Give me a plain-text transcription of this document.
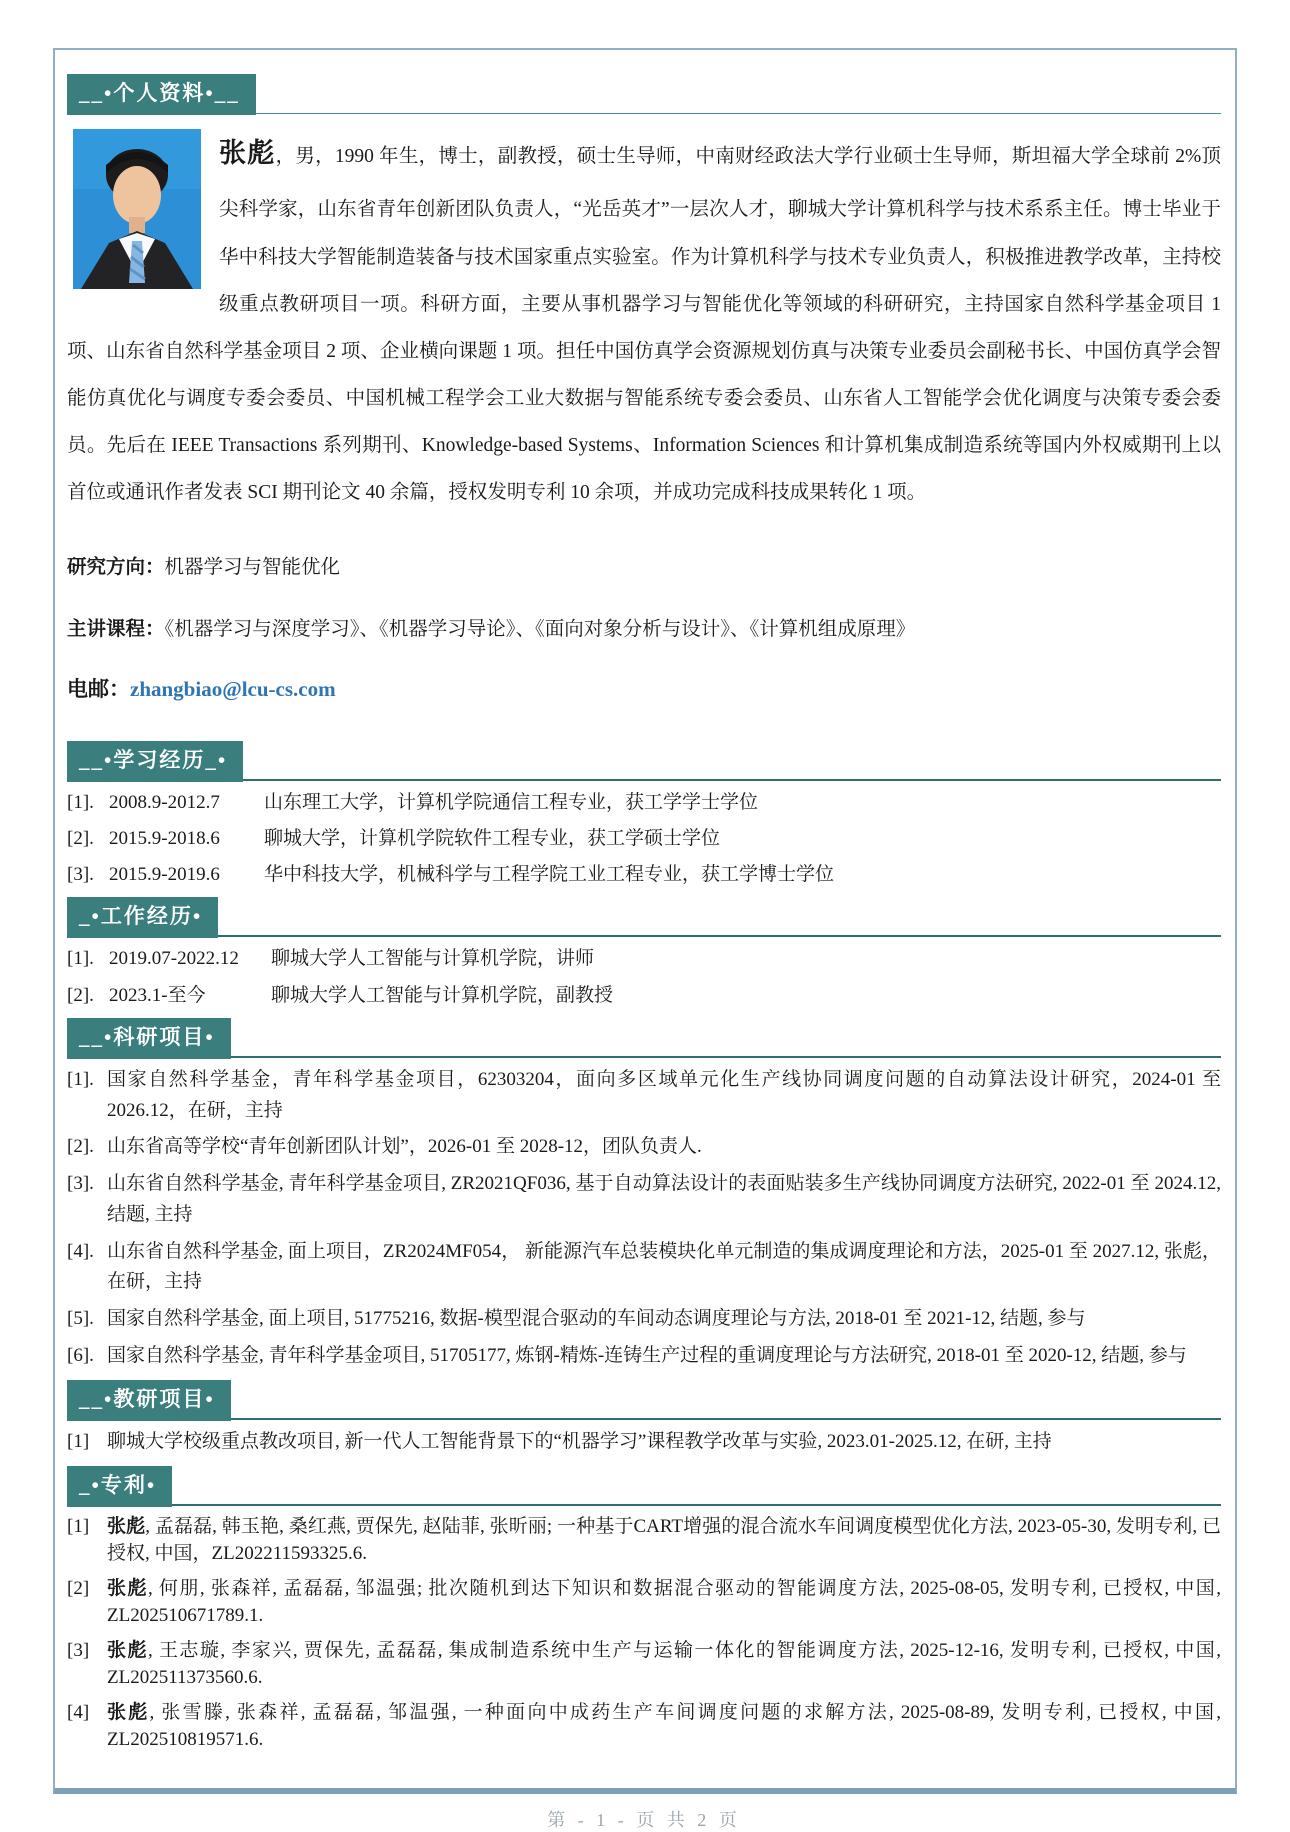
__•个人资料•__
张彪，男，1990 年生，博士，副教授，硕士生导师，中南财经政法大学行业硕士生导师，斯坦福大学全球前 2%顶尖科学家，山东省青年创新团队负责人，“光岳英才”一层次人才，聊城大学计算机科学与技术系系主任。博士毕业于华中科技大学智能制造装备与技术国家重点实验室。作为计算机科学与技术专业负责人，积极推进教学改革，主持校级重点教研项目一项。科研方面，主要从事机器学习与智能优化等领域的科研研究，主持国家自然科学基金项目 1 项、山东省自然科学基金项目 2 项、企业横向课题 1 项。担任中国仿真学会资源规划仿真与决策专业委员会副秘书长、中国仿真学会智能仿真优化与调度专委会委员、中国机械工程学会工业大数据与智能系统专委会委员、山东省人工智能学会优化调度与决策专委会委员。先后在 IEEE Transactions 系列期刊、Knowledge-based Systems、Information Sciences 和计算机集成制造系统等国内外权威期刊上以首位或通讯作者发表 SCI 期刊论文 40 余篇，授权发明专利 10 余项，并成功完成科技成果转化 1 项。
研究方向：机器学习与智能优化
主讲课程：《机器学习与深度学习》、《机器学习导论》、《面向对象分析与设计》、《计算机组成原理》
电邮：zhangbiao@lcu-cs.com
__•学习经历_•
[1]. 2008.9-2012.7	山东理工大学，计算机学院通信工程专业，获工学学士学位
[2]. 2015.9-2018.6	聊城大学，计算机学院软件工程专业，获工学硕士学位
[3]. 2015.9-2019.6	华中科技大学，机械科学与工程学院工业工程专业，获工学博士学位
_•工作经历•
[1]. 2019.07-2022.12	聊城大学人工智能与计算机学院，讲师
[2]. 2023.1-至今	聊城大学人工智能与计算机学院，副教授
__•科研项目•
[1]. 国家自然科学基金，青年科学基金项目，62303204，面向多区域单元化生产线协同调度问题的自动算法设计研究，2024-01 至 2026.12，在研，主持
[2]. 山东省高等学校“青年创新团队计划”，2026-01 至 2028-12，团队负责人.
[3]. 山东省自然科学基金, 青年科学基金项目, ZR2021QF036, 基于自动算法设计的表面贴装多生产线协同调度方法研究, 2022-01 至 2024.12, 结题, 主持
[4]. 山东省自然科学基金, 面上项目，ZR2024MF054， 新能源汽车总装模块化单元制造的集成调度理论和方法，2025-01 至 2027.12, 张彪，在研，主持
[5]. 国家自然科学基金, 面上项目, 51775216, 数据-模型混合驱动的车间动态调度理论与方法, 2018-01 至 2021-12, 结题, 参与
[6]. 国家自然科学基金, 青年科学基金项目, 51705177, 炼钢-精炼-连铸生产过程的重调度理论与方法研究, 2018-01 至 2020-12, 结题, 参与
__•教研项目•
[1] 聊城大学校级重点教改项目, 新一代人工智能背景下的“机器学习”课程教学改革与实验, 2023.01-2025.12, 在研, 主持
_•专利•
[1] 张彪, 孟磊磊, 韩玉艳, 桑红燕, 贾保先, 赵陆菲, 张昕丽; 一种基于CART增强的混合流水车间调度模型优化方法, 2023-05-30, 发明专利, 已授权, 中国，ZL202211593325.6.
[2] 张彪, 何朋, 张森祥, 孟磊磊, 邹温强; 批次随机到达下知识和数据混合驱动的智能调度方法, 2025-08-05, 发明专利, 已授权, 中国, ZL202510671789.1.
[3] 张彪, 王志璇, 李家兴, 贾保先, 孟磊磊, 集成制造系统中生产与运输一体化的智能调度方法, 2025-12-16, 发明专利, 已授权, 中国, ZL202511373560.6.
[4] 张彪, 张雪滕, 张森祥, 孟磊磊, 邹温强, 一种面向中成药生产车间调度问题的求解方法, 2025-08-89, 发明专利, 已授权, 中国, ZL202510819571.6.
第 - 1 - 页 共 2 页
